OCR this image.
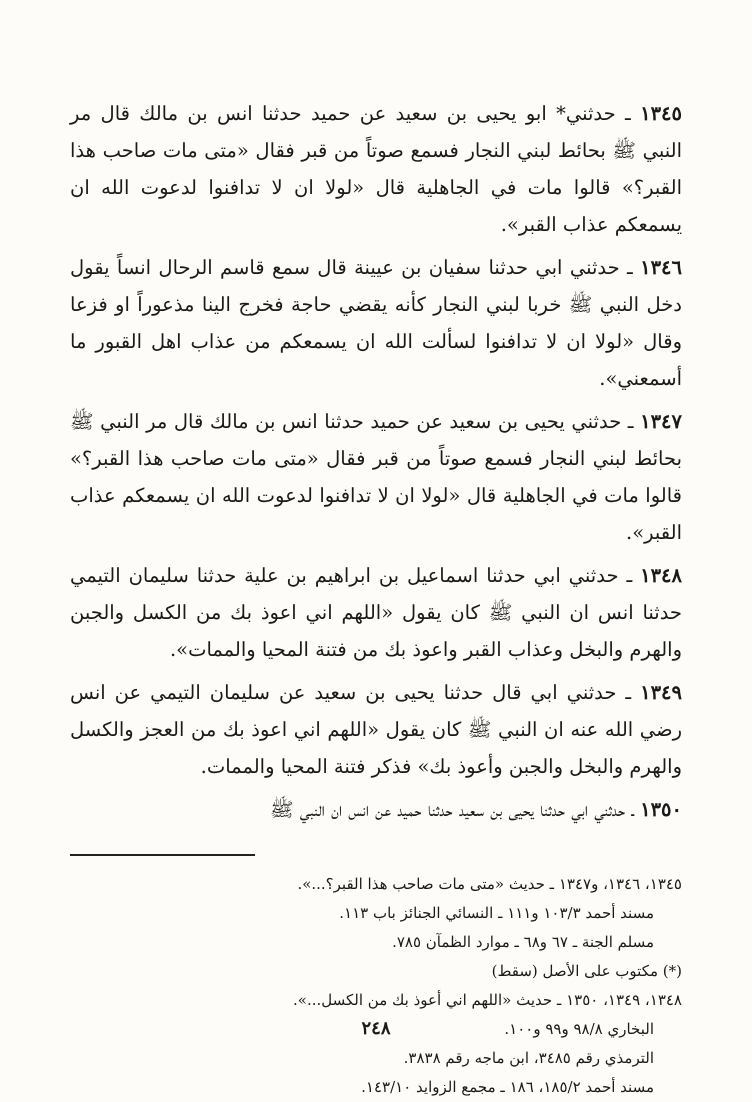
١٣٤٥ ـ حدثني* ابو يحيى بن سعيد عن حميد حدثنا انس بن مالك قال مر النبي ﷺ بحائط لبني النجار فسمع صوتاً من قبر فقال «متى مات صاحب هذا القبر؟» قالوا مات في الجاهلية قال «لولا ان لا تدافنوا لدعوت الله ان يسمعكم عذاب القبر».

١٣٤٦ ـ حدثني ابي حدثنا سفيان بن عيينة قال سمع قاسم الرحال انساً يقول دخل النبي ﷺ خربا لبني النجار كأنه يقضي حاجة فخرج الينا مذعوراً او فزعا وقال «لولا ان لا تدافنوا لسألت الله ان يسمعكم من عذاب اهل القبور ما أسمعني».

١٣٤٧ ـ حدثني يحيى بن سعيد عن حميد حدثنا انس بن مالك قال مر النبي ﷺ بحائط لبني النجار فسمع صوتاً من قبر فقال «متى مات صاحب هذا القبر؟» قالوا مات في الجاهلية قال «لولا ان لا تدافنوا لدعوت الله ان يسمعكم عذاب القبر».

١٣٤٨ ـ حدثني ابي حدثنا اسماعيل بن ابراهيم بن علية حدثنا سليمان التيمي حدثنا انس ان النبي ﷺ كان يقول «اللهم اني اعوذ بك من الكسل والجبن والهرم والبخل وعذاب القبر واعوذ بك من فتنة المحيا والممات».

١٣٤٩ ـ حدثني ابي قال حدثنا يحيى بن سعيد عن سليمان التيمي عن انس رضي الله عنه ان النبي ﷺ كان يقول «اللهم اني اعوذ بك من العجز والكسل والهرم والبخل والجبن وأعوذ بك» فذكر فتنة المحيا والممات.

١٣٥٠ ـ حدثني ابي حدثنا يحيى بن سعيد حدثنا حميد عن انس ان النبي ﷺ

١٣٤٥، ١٣٤٦، و١٣٤٧ ـ حديث «متى مات صاحب هذا القبر؟...».

مسند أحمد ١٠٣/٣ و١١١ ـ النسائي الجنائز باب ١١٣.

مسلم الجنة ـ ٦٧ و٦٨ ـ موارد الظمآن ٧٨٥.

(*) مكتوب على الأصل (سقط)

١٣٤٨، ١٣٤٩، ١٣٥٠ ـ حديث «اللهم اني أعوذ بك من الكسل...».

البخاري ٩٨/٨ و٩٩ و١٠٠.

الترمذي رقم ٣٤٨٥، ابن ماجه رقم ٣٨٣٨.

مسند أحمد ١٨٥/٢، ١٨٦ ـ مجمع الزوايد ١٤٣/١٠.

٢٤٨
